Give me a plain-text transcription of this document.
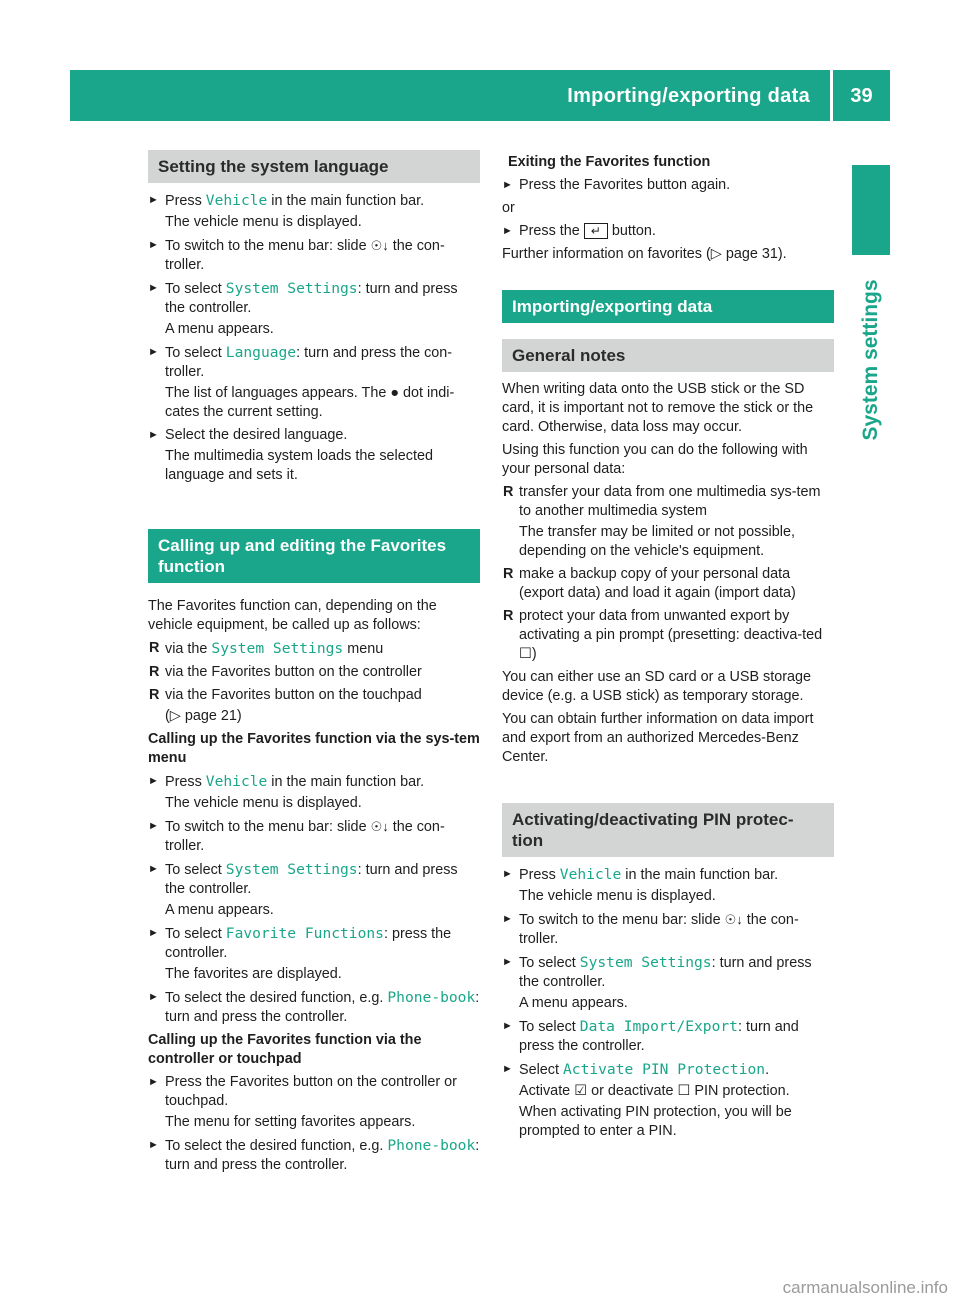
Importing/exporting data	39
System settings
Setting the system language
► Press Vehicle in the main function bar.
The vehicle menu is displayed.
► To switch to the menu bar: slide ☉↓ the con-troller.
► To select System Settings: turn and press the controller.
A menu appears.
► To select Language: turn and press the con-troller.
The list of languages appears. The ● dot indi-cates the current setting.
► Select the desired language.
The multimedia system loads the selected language and sets it.
Calling up and editing the Favorites function
The Favorites function can, depending on the vehicle equipment, be called up as follows:
R via the System Settings menu
R via the Favorites button on the controller
R via the Favorites button on the touchpad
(▷ page 21)
Calling up the Favorites function via the sys-tem menu
► Press Vehicle in the main function bar.
The vehicle menu is displayed.
► To switch to the menu bar: slide ☉↓ the con-troller.
► To select System Settings: turn and press the controller.
A menu appears.
► To select Favorite Functions: press the controller.
The favorites are displayed.
► To select the desired function, e.g. Phone‐book: turn and press the controller.
Calling up the Favorites function via the controller or touchpad
► Press the Favorites button on the controller or touchpad.
The menu for setting favorites appears.
► To select the desired function, e.g. Phone‐book: turn and press the controller.
Exiting the Favorites function
► Press the Favorites button again.
or
► Press the ↵ button.
Further information on favorites (▷ page 31).
Importing/exporting data
General notes
When writing data onto the USB stick or the SD card, it is important not to remove the stick or the card. Otherwise, data loss may occur.
Using this function you can do the following with your personal data:
R transfer your data from one multimedia sys-tem to another multimedia system
The transfer may be limited or not possible, depending on the vehicle's equipment.
R make a backup copy of your personal data (export data) and load it again (import data)
R protect your data from unwanted export by activating a pin prompt (presetting: deactiva-ted ☐)
You can either use an SD card or a USB storage device (e.g. a USB stick) as temporary storage.
You can obtain further information on data import and export from an authorized Mercedes-Benz Center.
Activating/deactivating PIN protec-tion
► Press Vehicle in the main function bar.
The vehicle menu is displayed.
► To switch to the menu bar: slide ☉↓ the con-troller.
► To select System Settings: turn and press the controller.
A menu appears.
► To select Data Import/Export: turn and press the controller.
► Select Activate PIN Protection.
Activate ☑ or deactivate ☐ PIN protection.
When activating PIN protection, you will be prompted to enter a PIN.
carmanualsonline.info
